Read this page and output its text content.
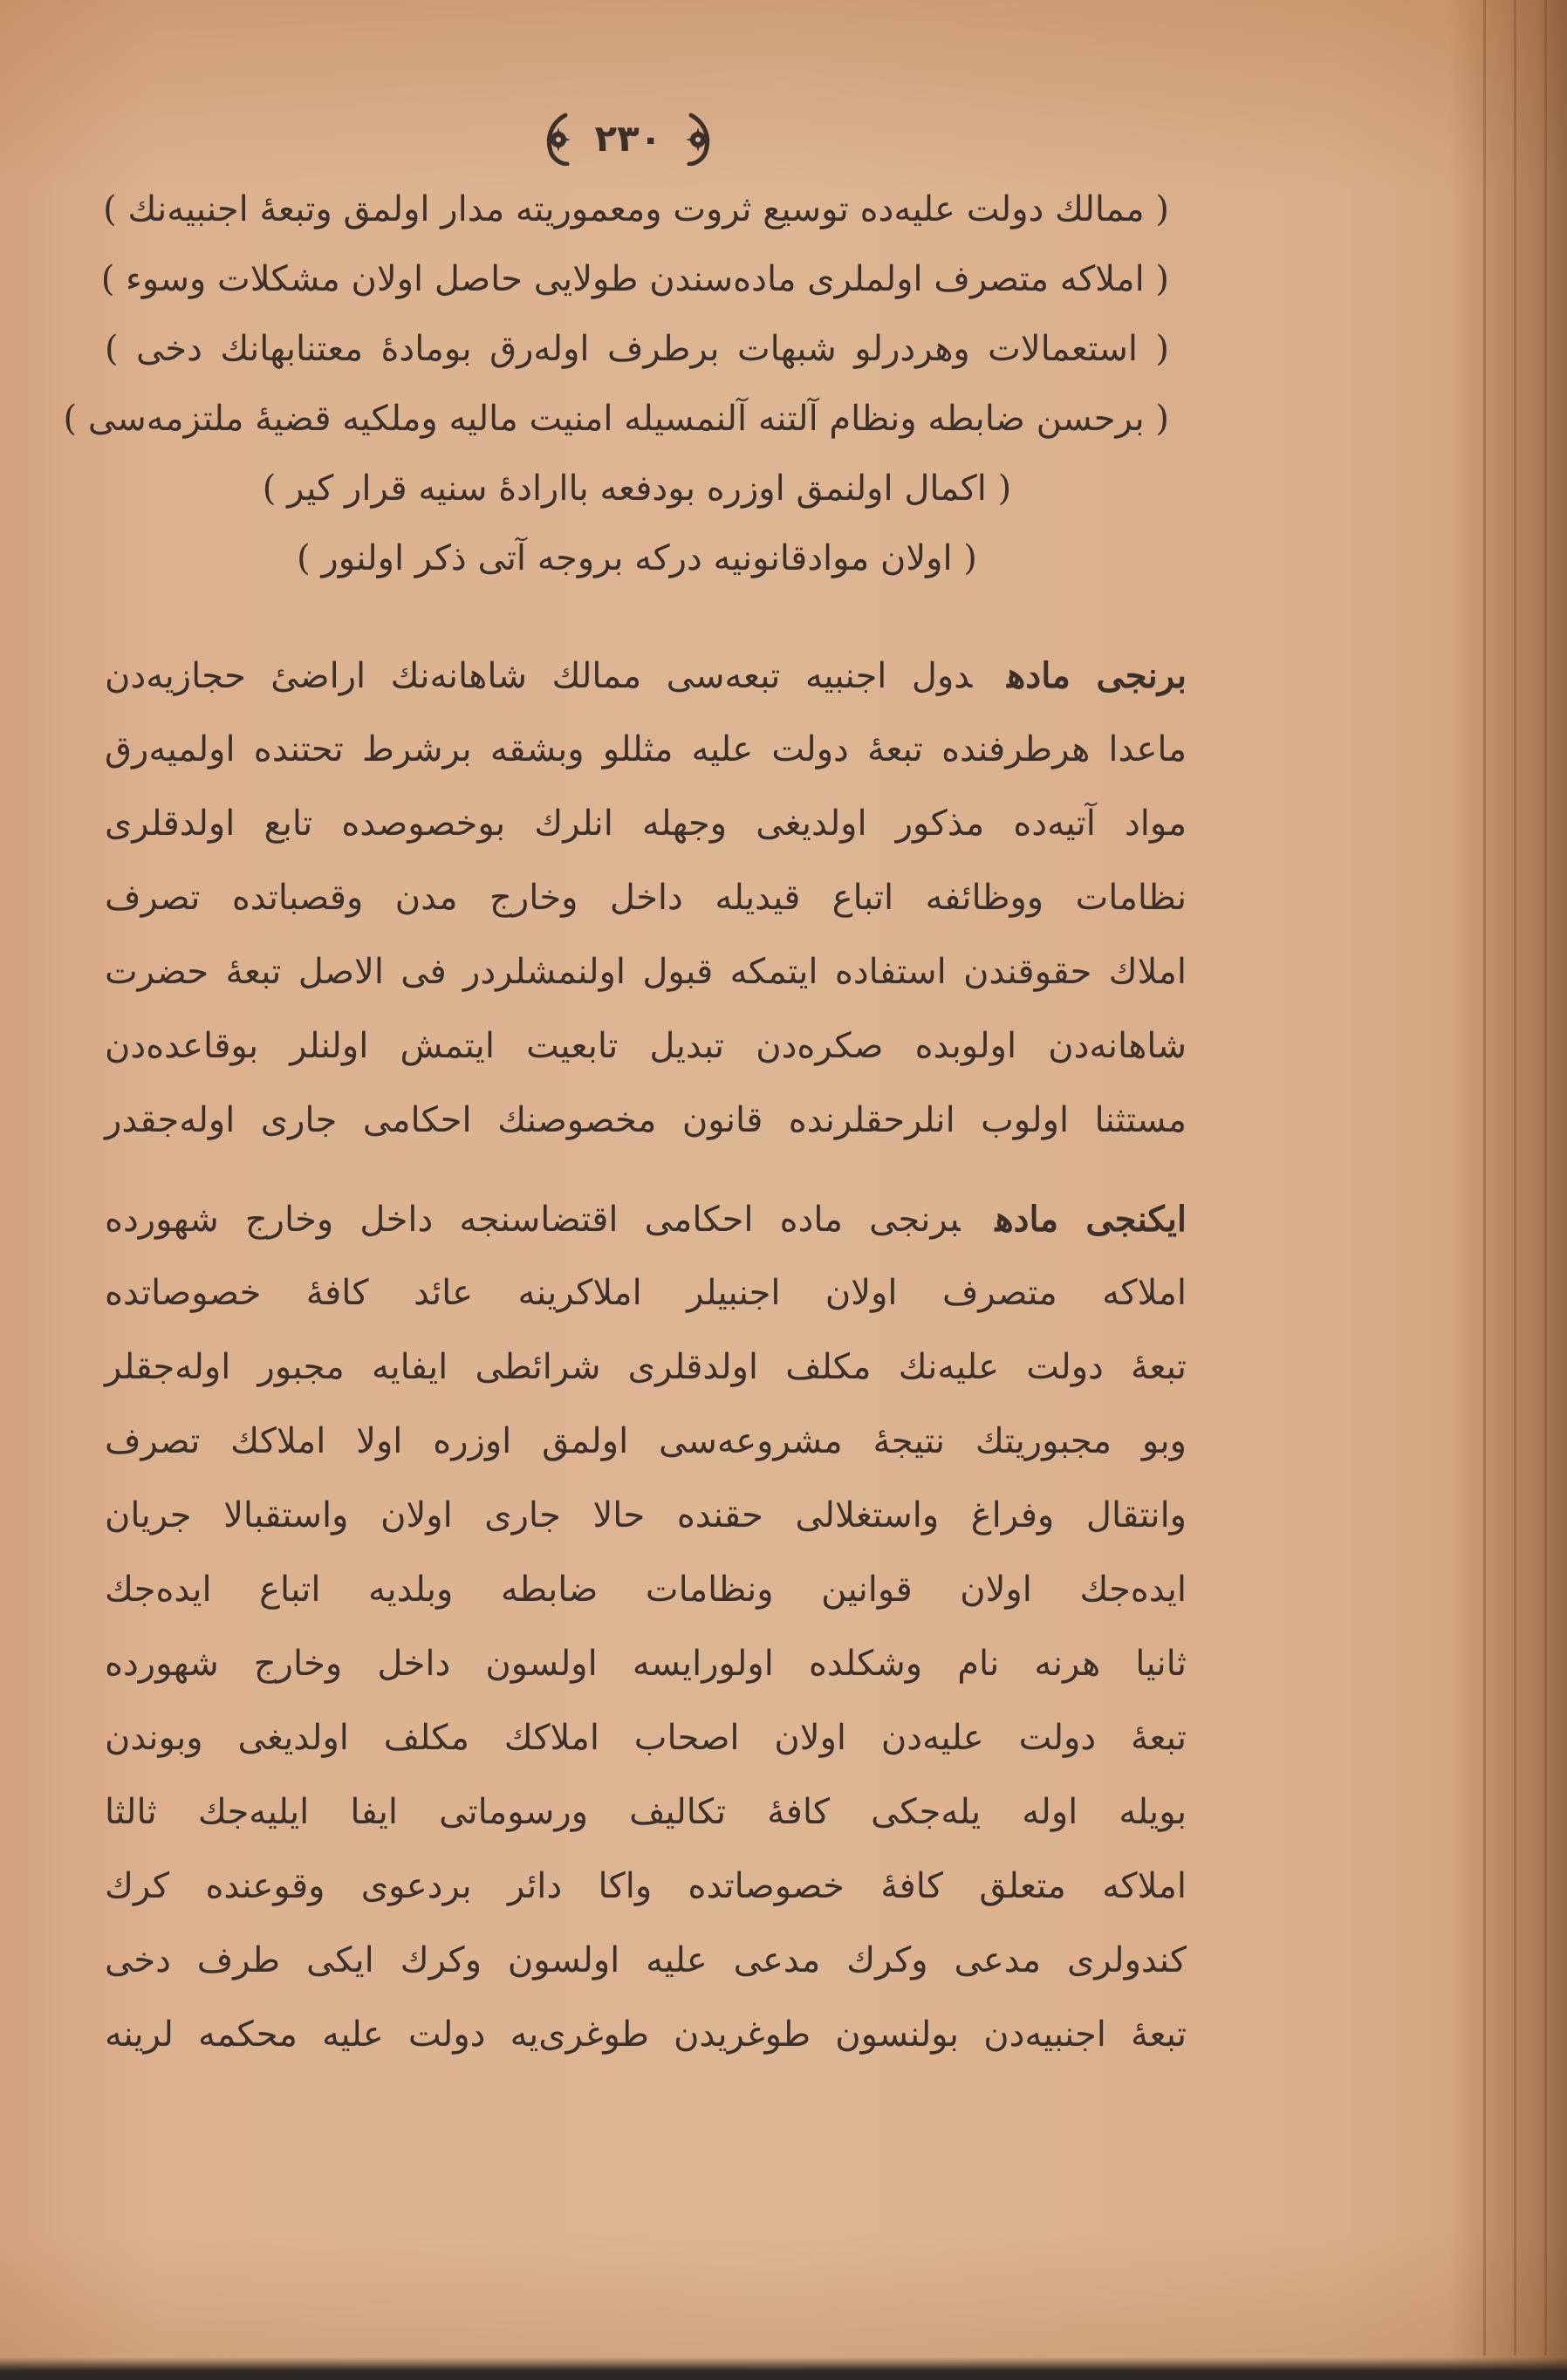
٢٣٠
( ممالك دولت عليه‌ده توسيع ثروت ومعموريته مدار اولمق وتبعهٔ اجنبيه‌نك )
( املاكه متصرف اولملرى ماده‌سندن طولايى حاصل اولان مشكلات وسوء )
( استعمالات وهردرلو شبهات برطرف اوله‌رق بوماده‌ٔ معتنابهانك دخى )
( برحسن ضابطه ونظام آلتنه آلنمسيله امنيت ماليه وملكيه قضيهٔ ملتزمه‌سى )
( اكمال اولنمق اوزره بودفعه باارادهٔ سنيه قرار كير )
( اولان موادقانونيه دركه بروجه آتى ذكر اولنور )
برنجى مادهدول اجنبيه تبعه‌سى ممالك شاهانه‌نك اراضىٔ حجازيه‌دن
ماعدا هرطرفنده تبعهٔ دولت عليه مثللو وبشقه برشرط تحتنده اولميه‌رق
مواد آتيه‌ده مذكور اولديغى وجهله انلرك بوخصوصده تابع اولدقلرى
نظامات ووظائفه اتباع قيديله داخل وخارج مدن وقصباتده تصرف
املاك حقوقندن استفاده ايتمكه قبول اولنمشلردر فى الاصل تبعهٔ حضرت
شاهانه‌دن اولوبده صكره‌دن تبديل تابعيت ايتمش اولنلر بوقاعده‌دن
مستثنا اولوب انلرحقلرنده قانون مخصوصنك احكامى جارى اوله‌جقدر
ايكنجى مادهبرنجى ماده احكامى اقتضاسنجه داخل وخارج شهورده
املاكه متصرف اولان اجنبيلر املاكرينه عائد كافهٔ خصوصاتده
تبعهٔ دولت عليه‌نك مكلف اولدقلرى شرائطى ايفايه مجبور اوله‌جقلر
وبو مجبوريتك نتيجهٔ مشروعه‌سى اولمق اوزره اولا املاكك تصرف
وانتقال وفراغ واستغلالى حقنده حالا جارى اولان واستقبالا جريان
ايده‌جك اولان قوانين ونظامات ضابطه وبلديه اتباع ايده‌جك
ثانيا هرنه نام وشكلده اولورايسه اولسون داخل وخارج شهورده
تبعهٔ دولت عليه‌دن اولان اصحاب املاكك مكلف اولديغى وبوندن
بويله اوله‌ يله‌جكى كافهٔ تكاليف ورسوماتى ايفا ايليه‌جك ثالثا
املاكه متعلق كافهٔ خصوصاتده واكا دائر بردعوى وقوعنده كرك
كندولرى مدعى وكرك مدعى عليه اولسون وكرك ايكى طرف دخى
تبعهٔ اجنبيه‌دن بولنسون طوغريدن طوغرى‌يه دولت عليه محكمه لرينه
